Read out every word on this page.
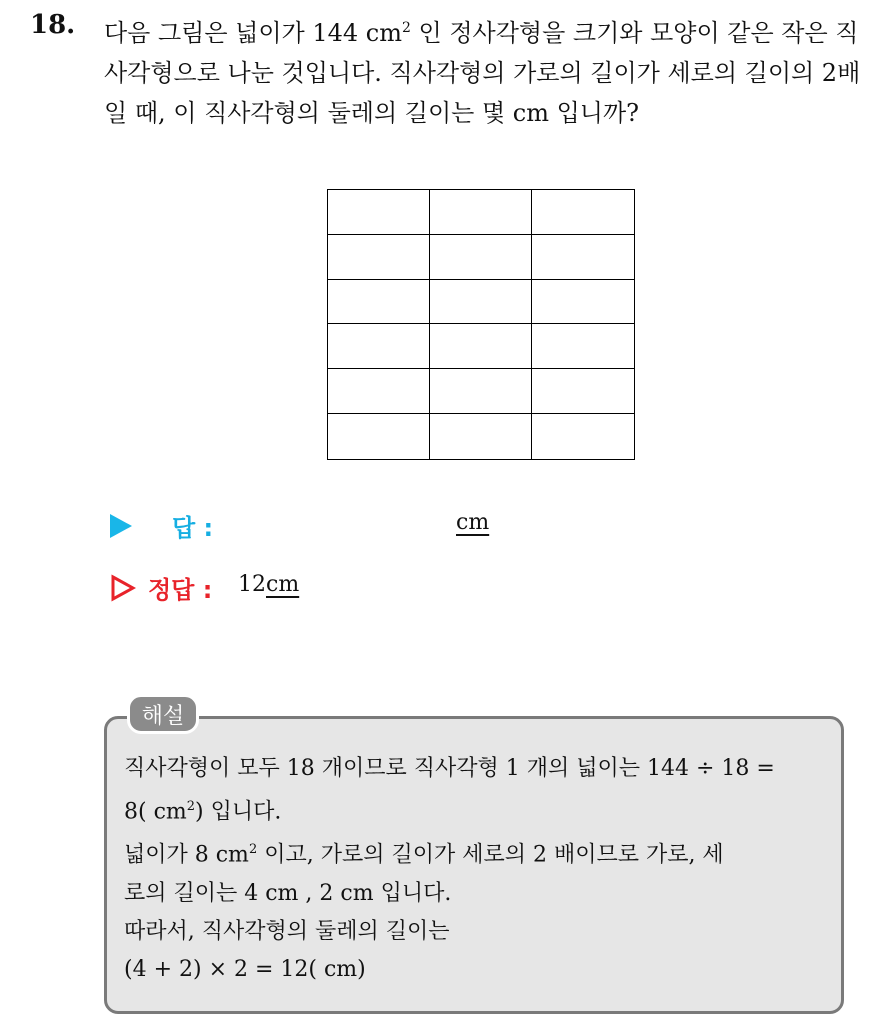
18. 다음 그림은 넓이가 144 $cm^2$ 인 정사각형을 크기와 모양이 같은 작은 직사각형으로 나눈 것입니다. 직사각형의 가로의 길이가 세로의 길이의 2배일 때, 이 직사각형의 둘레의 길이는 몇 cm 입니까?
답 :	cm
정답 : 12cm
해설
직사각형이 모두 18 개이므로 직사각형 1 개의 넓이는 144 ÷ 18 =
8( $cm^2$) 입니다.
넓이가 8 $cm^2$ 이고, 가로의 길이가 세로의 2 배이므로 가로, 세
로의 길이는 4 cm , 2 cm 입니다.
따라서, 직사각형의 둘레의 길이는
(4 + 2) × 2 = 12( cm)
